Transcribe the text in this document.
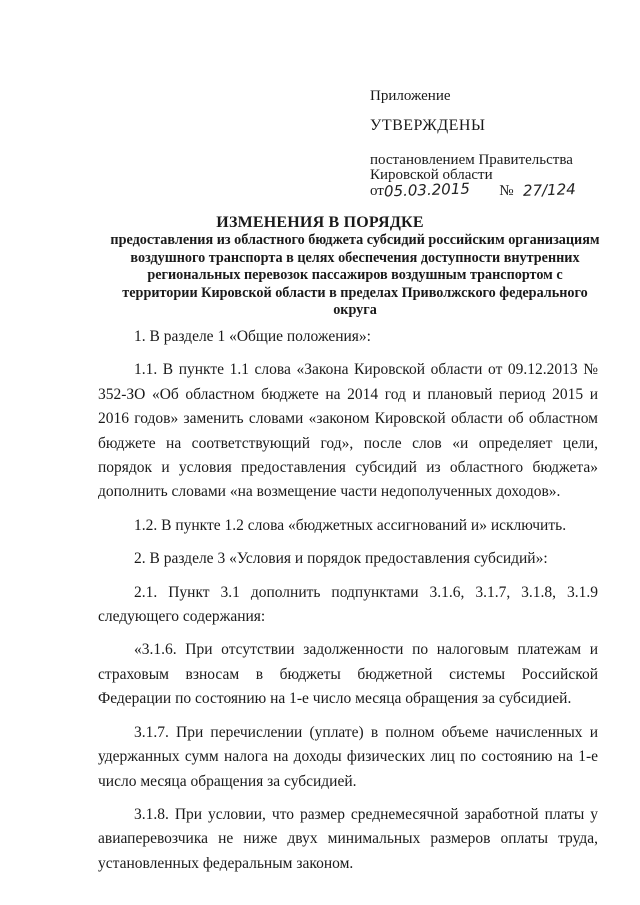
Приложение
УТВЕРЖДЕНЫ
постановлением Правительства
Кировской области
от05.03.2015 № 27/124
ИЗМЕНЕНИЯ В ПОРЯДКЕ
предоставления из областного бюджета субсидий российским организациям воздушного транспорта в целях обеспечения доступности внутренних региональных перевозок пассажиров воздушным транспортом с территории Кировской области в пределах Приволжского федерального округа

1. В разделе 1 «Общие положения»:

1.1. В пункте 1.1 слова «Закона Кировской области от 09.12.2013 № 352-ЗО «Об областном бюджете на 2014 год и плановый период 2015 и 2016 годов» заменить словами «законом Кировской области об областном бюджете на соответствующий год», после слов «и определяет цели, порядок и условия предоставления субсидий из областного бюджета» дополнить словами «на возмещение части недополученных доходов».

1.2. В пункте 1.2 слова «бюджетных ассигнований и» исключить.

2. В разделе 3 «Условия и порядок предоставления субсидий»:

2.1. Пункт 3.1 дополнить подпунктами 3.1.6, 3.1.7, 3.1.8, 3.1.9 следующего содержания:

«3.1.6. При отсутствии задолженности по налоговым платежам и страховым взносам в бюджеты бюджетной системы Российской Федерации по состоянию на 1-е число месяца обращения за субсидией.

3.1.7. При перечислении (уплате) в полном объеме начисленных и удержанных сумм налога на доходы физических лиц по состоянию на 1-е число месяца обращения за субсидией.

3.1.8. При условии, что размер среднемесячной заработной платы у авиаперевозчика не ниже двух минимальных размеров оплаты труда, установленных федеральным законом.
